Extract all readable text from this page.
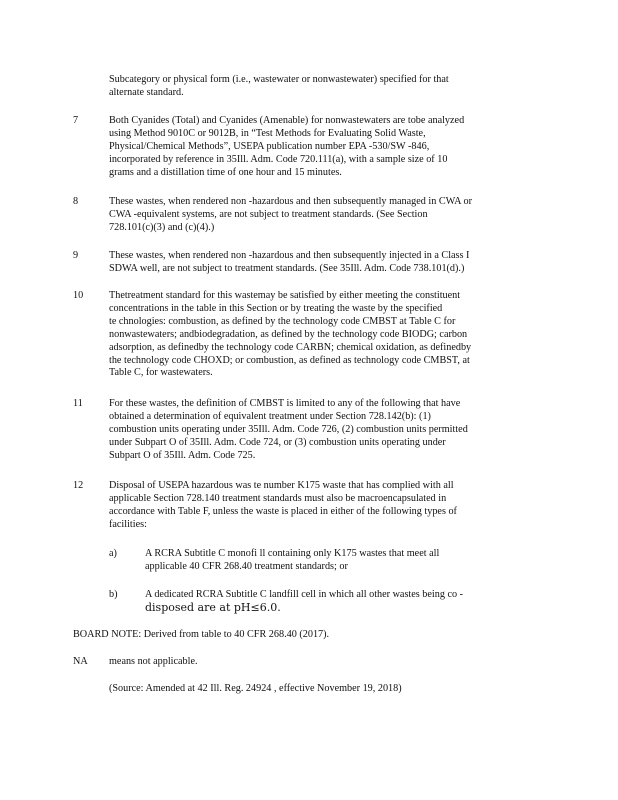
Subcategory or physical form (i.e., wastewater or nonwastewater) specified for that
alternate standard.
7	Both Cyanides (Total) and Cyanides (Amenable) for nonwastewaters are tobe analyzed
using Method 9010C or 9012B, in “Test Methods for Evaluating Solid Waste,
Physical/Chemical Methods”, USEPA publication number EPA -530/SW -846,
incorporated by reference in 35Ill. Adm. Code 720.111(a), with a sample size of 10
grams and a distillation time of one hour and 15 minutes.
8	These wastes, when rendered non -hazardous and then subsequently managed in CWA or
CWA -equivalent systems, are not subject to treatment standards. (See Section
728.101(c)(3) and (c)(4).)
9	These wastes, when rendered non -hazardous and then subsequently injected in a Class I
SDWA well, are not subject to treatment standards. (See 35Ill. Adm. Code 738.101(d).)
10	Thetreatment standard for this wastemay be satisfied by either meeting the constituent
concentrations in the table in this Section or by treating the waste by the specified
te chnologies: combustion, as defined by the technology code CMBST at Table C for
nonwastewaters; andbiodegradation, as defined by the technology code BIODG; carbon
adsorption, as definedby the technology code CARBN; chemical oxidation, as definedby
the technology code CHOXD; or combustion, as defined as technology code CMBST, at
Table C, for wastewaters.
11	For these wastes, the definition of CMBST is limited to any of the following that have
obtained a determination of equivalent treatment under Section 728.142(b): (1)
combustion units operating under 35Ill. Adm. Code 726, (2) combustion units permitted
under Subpart O of 35Ill. Adm. Code 724, or (3) combustion units operating under
Subpart O of 35Ill. Adm. Code 725.
12	Disposal of USEPA hazardous was te number K175 waste that has complied with all
applicable Section 728.140 treatment standards must also be macroencapsulated in
accordance with Table F, unless the waste is placed in either of the following types of
facilities:
a)	A RCRA Subtitle C monofi ll containing only K175 wastes that meet all
applicable 40 CFR 268.40 treatment standards; or
b)	A dedicated RCRA Subtitle C landfill cell in which all other wastes being co -
disposed are at pH≤6.0.
BOARD NOTE: Derived from table to 40 CFR 268.40 (2017).
NA means not applicable.
(Source: Amended at 42 Ill. Reg. 24924 , effective November 19, 2018)
